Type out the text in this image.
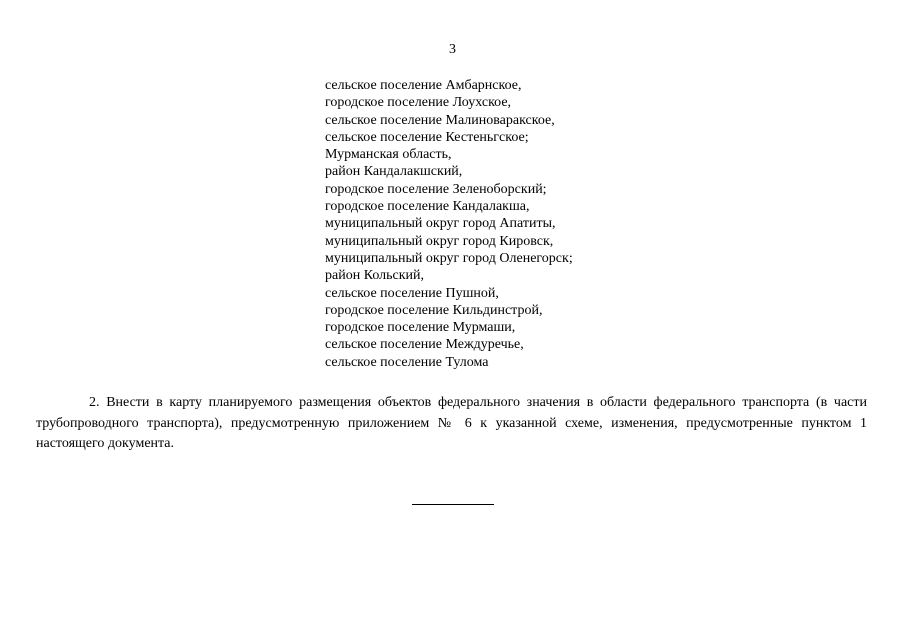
3
сельское поселение Амбарнское,
городское поселение Лоухское,
сельское поселение Малиноваракское,
сельское поселение Кестеньгское;
Мурманская область,
район Кандалакшский,
городское поселение Зеленоборский;
городское поселение Кандалакша,
муниципальный округ город Апатиты,
муниципальный округ город Кировск,
муниципальный округ город Оленегорск;
район Кольский,
сельское поселение Пушной,
городское поселение Кильдинстрой,
городское поселение Мурмаши,
сельское поселение Междуречье,
сельское поселение Тулома

2. Внести в карту планируемого размещения объектов федерального значения в области федерального транспорта (в части трубопроводного транспорта), предусмотренную приложением № 6 к указанной схеме, изменения, предусмотренные пунктом 1 настоящего документа.
